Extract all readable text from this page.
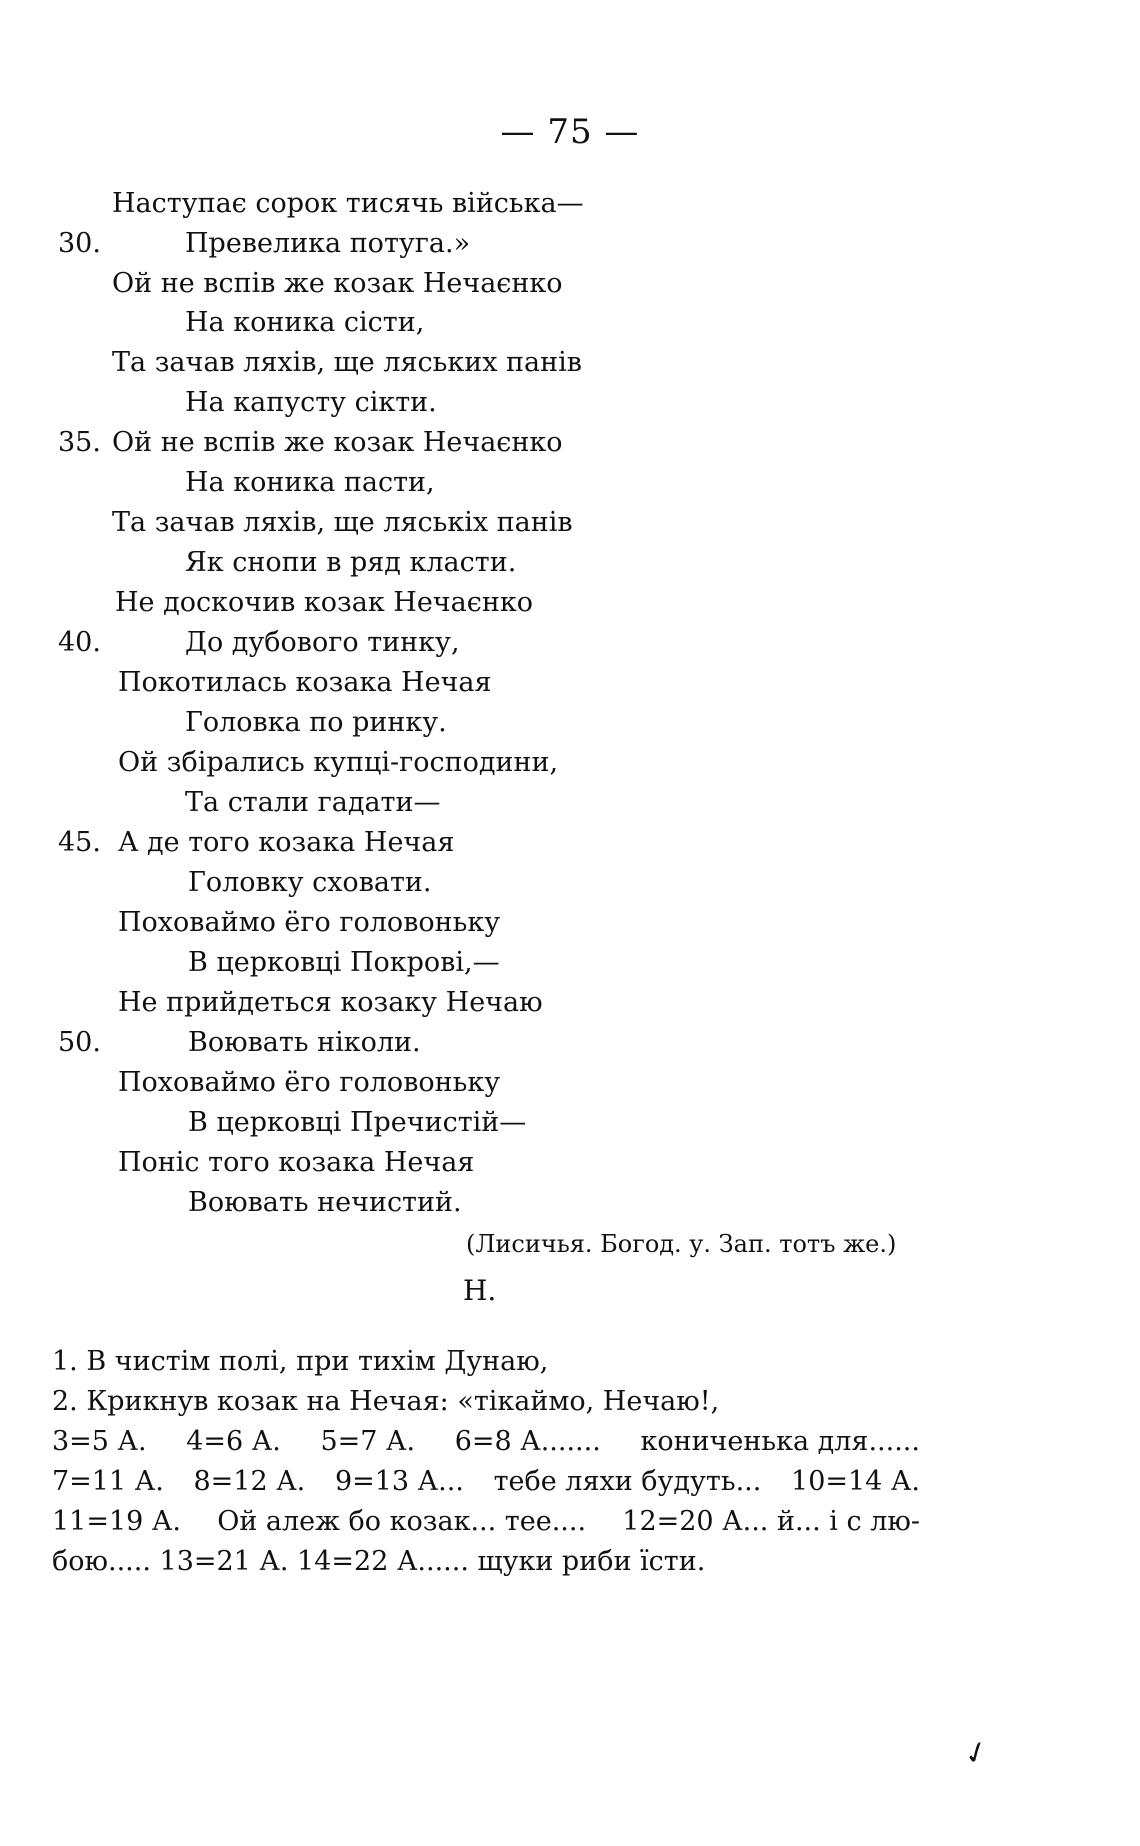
— 75 —
Наступає сорок тисячь війська—
30.	Превелика потуга.»
Ой не вспів же козак Нечаєнко
На коника сісти,
Та зачав ляхів, ще ляських панів
На капусту сікти.
35. Ой не вспів же козак Нечаєнко
На коника пасти,
Та зачав ляхів, ще ляськіх панів
Як снопи в ряд класти.
Не доскочив козак Нечаєнко
40.	До дубового тинку,
Покотилась козака Нечая
Головка по ринку.
Ой збірались купці-господини,
Та стали гадати—
45. А де того козака Нечая
Головку сховати.
Поховаймо ёго головоньку
В церковці Покрові,—
Не прийдеться козаку Нечаю
50.	Воювать ніколи.
Поховаймо ёго головоньку
В церковці Пречистій—
Поніс того козака Нечая
Воювать нечистий.
(Лисичья. Богод. у. Зап. тотъ же.)
Н.
1. В чистім полі, при тихім Дунаю,
2. Крикнув козак на Нечая: «тікаймо, Нечаю!,
3=5 А. 4=6 А. 5=7 А. 6=8 А....... кониченька для......
7=11 А. 8=12 А. 9=13 А... тебе ляхи будуть... 10=14 А.
11=19 А. Ой алеж бо козак... тее.... 12=20 А... й... і с лю-
бою..... 13=21 А. 14=22 А...... щуки риби їсти.
✓
